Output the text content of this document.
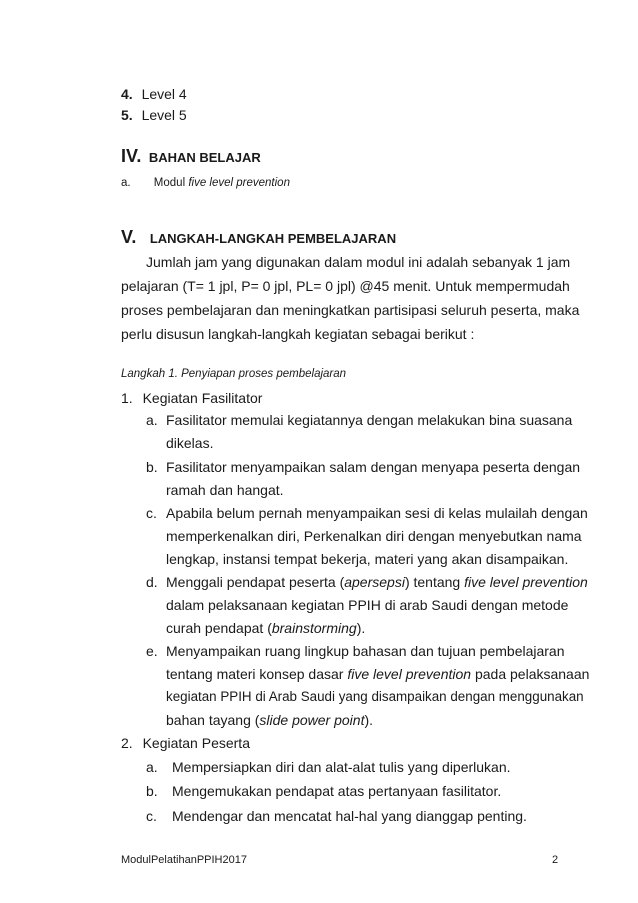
4. Level 4
5. Level 5
IV. BAHAN BELAJAR
a. Modul five level prevention
V. LANGKAH-LANGKAH PEMBELAJARAN
Jumlah jam yang digunakan dalam modul ini adalah sebanyak 1 jam
pelajaran (T= 1 jpl, P= 0 jpl, PL= 0 jpl) @45 menit. Untuk mempermudah
proses pembelajaran dan meningkatkan partisipasi seluruh peserta, maka
perlu disusun langkah-langkah kegiatan sebagai berikut :
Langkah 1. Penyiapan proses pembelajaran
1. Kegiatan Fasilitator
a. Fasilitator memulai kegiatannya dengan melakukan bina suasana
dikelas.
b. Fasilitator menyampaikan salam dengan menyapa peserta dengan
ramah dan hangat.
c. Apabila belum pernah menyampaikan sesi di kelas mulailah dengan
memperkenalkan diri, Perkenalkan diri dengan menyebutkan nama
lengkap, instansi tempat bekerja, materi yang akan disampaikan.
d. Menggali pendapat peserta ( apersepsi ) tentang five level prevention
dalam pelaksanaan kegiatan PPIH di arab Saudi dengan metode
curah pendapat (brainstorming).
e. Menyampaikan ruang lingkup bahasan dan tujuan pembelajaran
tentang materi konsep dasar five level prevention pada pelaksanaan
kegiatan PPIH di Arab Saudi yang disampaikan dengan menggunakan
bahan tayang (slide power point).
2. Kegiatan Peserta
a. Mempersiapkan diri dan alat-alat tulis yang diperlukan.
b. Mengemukakan pendapat atas pertanyaan fasilitator.
c. Mendengar dan mencatat hal-hal yang dianggap penting.
ModulPelatihanPPIH2017	2
